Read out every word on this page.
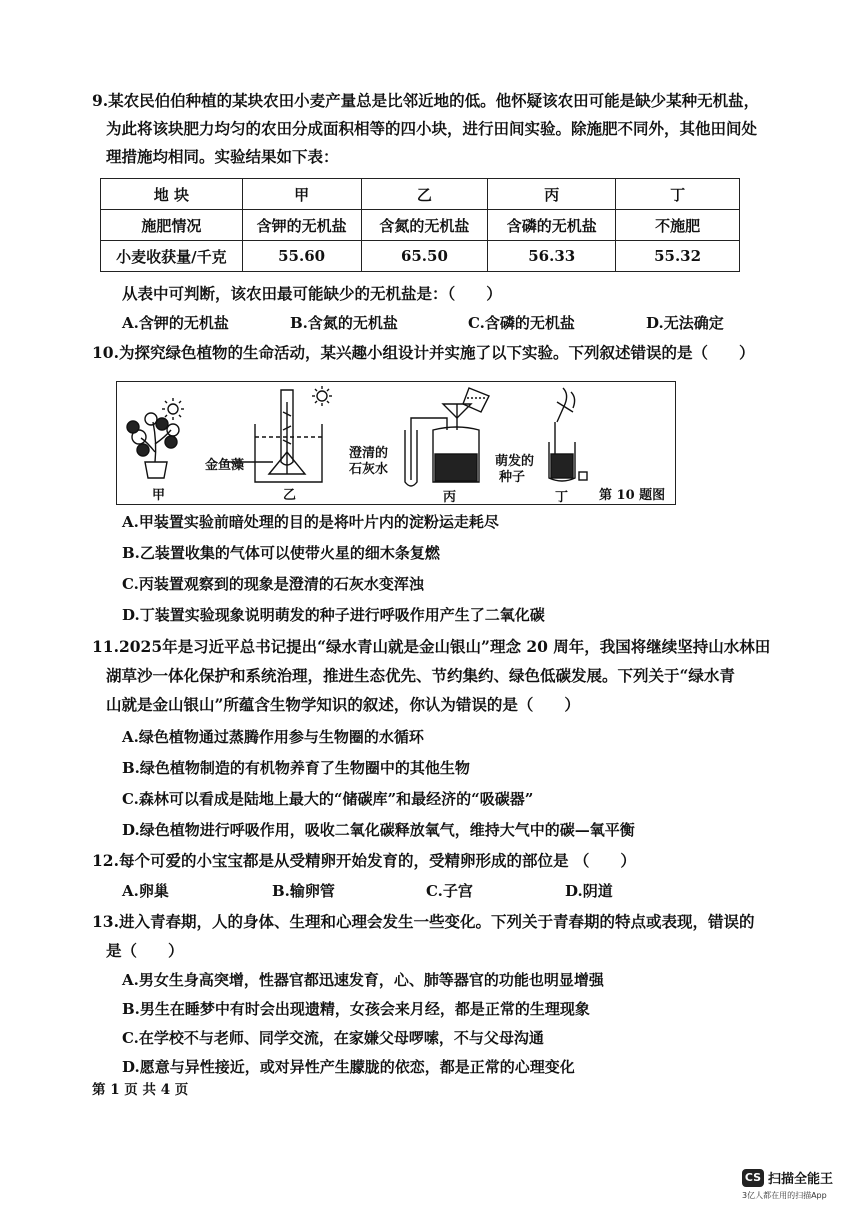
9.某农民伯伯种植的某块农田小麦产量总是比邻近地的低。他怀疑该农田可能是缺少某种无机盐，
为此将该块肥力均匀的农田分成面积相等的四小块，进行田间实验。除施肥不同外，其他田间处
理措施均相同。实验结果如下表：
地 块	甲	乙	丙	丁
施肥情况	含钾的无机盐	含氮的无机盐	含磷的无机盐	不施肥
小麦收获量/千克	55.60	65.50	56.33	55.32
从表中可判断，该农田最可能缺少的无机盐是：（　　）
A.含钾的无机盐	B.含氮的无机盐	C.含磷的无机盐	D.无法确定
10.为探究绿色植物的生命活动，某兴趣小组设计并实施了以下实验。下列叙述错误的是（　　）
甲	乙
金鱼藻
澄清的
石灰水
丙
萌发的
种子
丁 第 10 题图
A.甲装置实验前暗处理的目的是将叶片内的淀粉运走耗尽
B.乙装置收集的气体可以使带火星的细木条复燃
C.丙装置观察到的现象是澄清的石灰水变浑浊
D.丁装置实验现象说明萌发的种子进行呼吸作用产生了二氧化碳
11.2025年是习近平总书记提出“绿水青山就是金山银山”理念 20 周年，我国将继续坚持山水林田
湖草沙一体化保护和系统治理，推进生态优先、节约集约、绿色低碳发展。下列关于“绿水青
山就是金山银山”所蕴含生物学知识的叙述，你认为错误的是（　　）
A.绿色植物通过蒸腾作用参与生物圈的水循环
B.绿色植物制造的有机物养育了生物圈中的其他生物
C.森林可以看成是陆地上最大的“储碳库”和最经济的“吸碳器”
D.绿色植物进行呼吸作用，吸收二氧化碳释放氧气，维持大气中的碳—氧平衡
12.每个可爱的小宝宝都是从受精卵开始发育的，受精卵形成的部位是 （　　）
A.卵巢	B.输卵管	C.子宫	D.阴道
13.进入青春期，人的身体、生理和心理会发生一些变化。下列关于青春期的特点或表现，错误的
是（　　）
A.男女生身高突增，性器官都迅速发育，心、肺等器官的功能也明显增强
B.男生在睡梦中有时会出现遗精，女孩会来月经，都是正常的生理现象
C.在学校不与老师、同学交流，在家嫌父母啰嗦，不与父母沟通
D.愿意与异性接近，或对异性产生朦胧的依恋，都是正常的心理变化
第 1 页 共 4 页
CS 扫描全能王
3亿人都在用的扫描App
